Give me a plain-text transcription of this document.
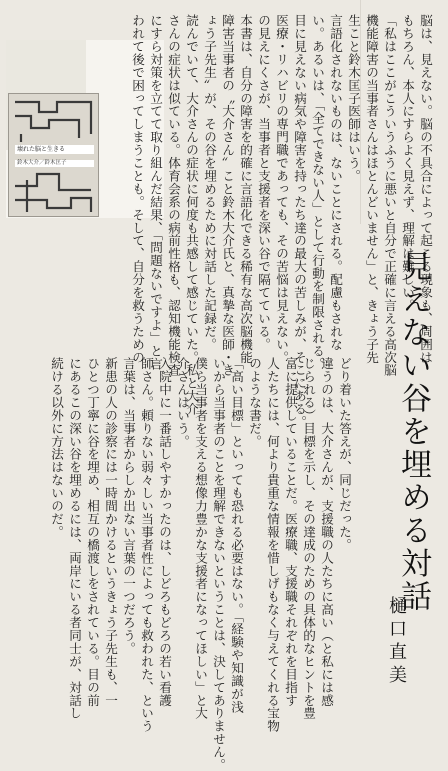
壊れた脳と生きる
鈴木大介／鈴木匡子	脳は、見えない。脳の不具合によって起こる現象も、周囲は
もちろん、本人にすらよく見えず、理解は難しい。
「私はここがこういうふうに悪いと自分で正確に言える高次脳
機能障害の当事者さんはほとんどいません」と、きょう子先
生こと鈴木匡子医師はいう。
言語化されないものは、ないことにされる。配慮もされな
い。あるいは、「全てできない人」として行動を制限される。
目に見えない病気や障害を持ったち達の最大の苦しみが、そこにある。
医療・リハビリの専門職であっても、その苦悩は見えない。
の見えにくさが、当事者と支援者を深い谷で隔てている。
本書は、自分の障害を的確に言語化できる稀有な高次脳機能
障害当事者の〝大介さん〟こと鈴木大介氏と、真摯な医師・き
ょう子先生〟が、その谷を埋めるために対話した記録だ。
読んでいて、大介さんの症状に何度も共感して感じていた。私と大介
さんの症状は似ている。体育会系の病前性格も、認知機能検査
にすら対策を立てて取り組んだ結果、「問題ないですよ」と言
われて後で困ってしまうことも。そして、自分を救うための
どり着いた答えが、同じだった。
違うのは、大介さんが、支援職の人たちに高い（と私には感
じられる）目標を示し、その達成のための具体的なヒントを豊
富に提供していることだ。医療職、支援職それぞれを目指す
人たちには、何より貴重な情報を惜しげもなく与えてくれる宝物
のような書だ。
「高い目標」といっても恐れる必要はない。「経験や知識が浅
いから当事者のことを理解できないということは、決してありません。
僕ら当事者を支える想像力豊かな支援者になってほしい」と大
介さんはいう。
入院中に一番話しやすかったのは、しどろもどろの若い看護
師さん。頼りない弱々しい当事者性によっても救われた、という
言葉は、当事者からしか出ない言葉の一つだろう。
新患の人の診察には一時間かけるというきょう子先生も、一
ひとつ丁寧に谷を埋め、相互の橋渡しをされている。目の前
にあるこの深い谷を埋めるには、両岸にいる者同士が、対話し
続ける以外に方法はないのだ。	見えない谷を埋める対話
樋口直美
